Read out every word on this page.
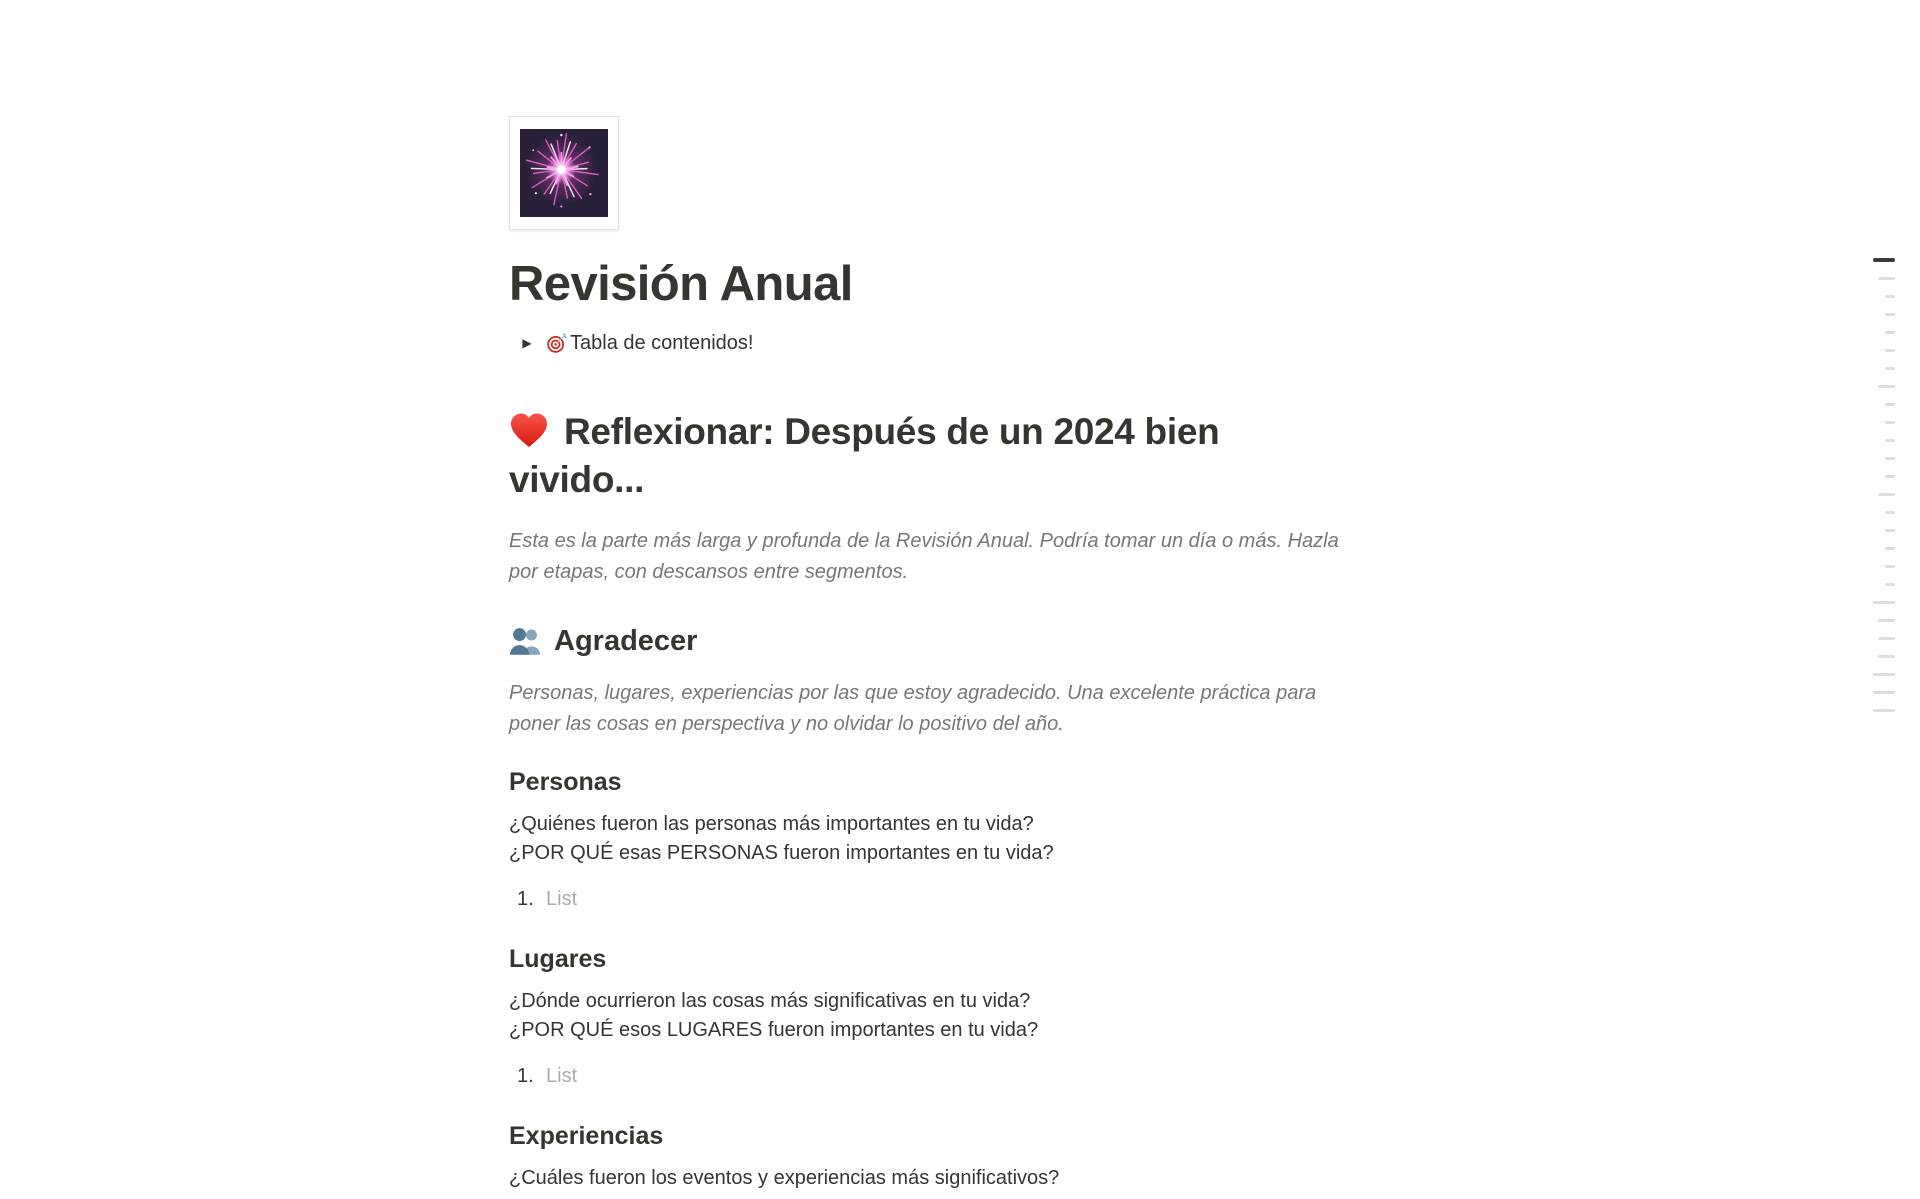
Revisión Anual
▶	Tabla de contenidos!
Reflexionar: Después de un 2024 bien vivido...

Esta es la parte más larga y profunda de la Revisión Anual. Podría tomar un día o más. Hazla por etapas, con descansos entre segmentos.

Agradecer

Personas, lugares, experiencias por las que estoy agradecido. Una excelente práctica para poner las cosas en perspectiva y no olvidar lo positivo del año.

Personas
¿Quiénes fueron las personas más importantes en tu vida?
¿POR QUÉ esas PERSONAS fueron importantes en tu vida?
1. List
Lugares
¿Dónde ocurrieron las cosas más significativas en tu vida?
¿POR QUÉ esos LUGARES fueron importantes en tu vida?
1. List
Experiencias
¿Cuáles fueron los eventos y experiencias más significativos?
